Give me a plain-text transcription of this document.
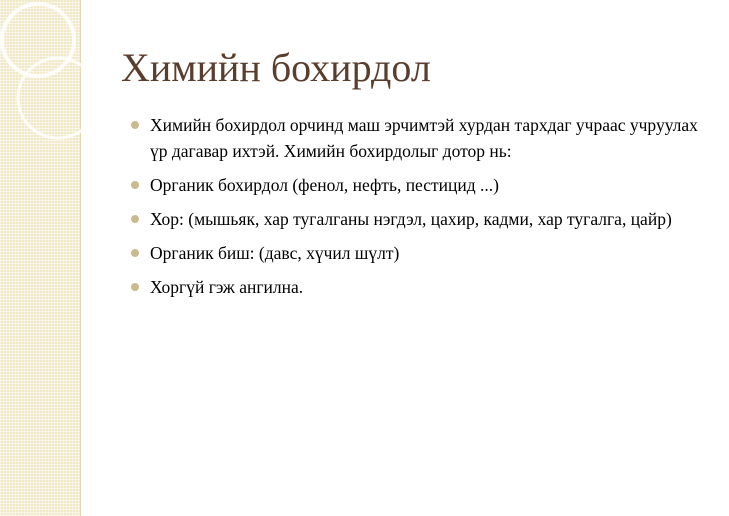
Химийн бохирдол
Химийн бохирдол орчинд маш эрчимтэй хурдан тархдаг учраас учруулах үр дагавар ихтэй. Химийн бохирдолыг дотор нь:
Органик бохирдол (фенол, нефть, пестицид ...)
Хор: (мышьяк, хар тугалганы нэгдэл, цахир, кадми, хар тугалга, цайр)
Органик биш: (давс, хүчил шүлт)
Хоргүй гэж ангилна.
